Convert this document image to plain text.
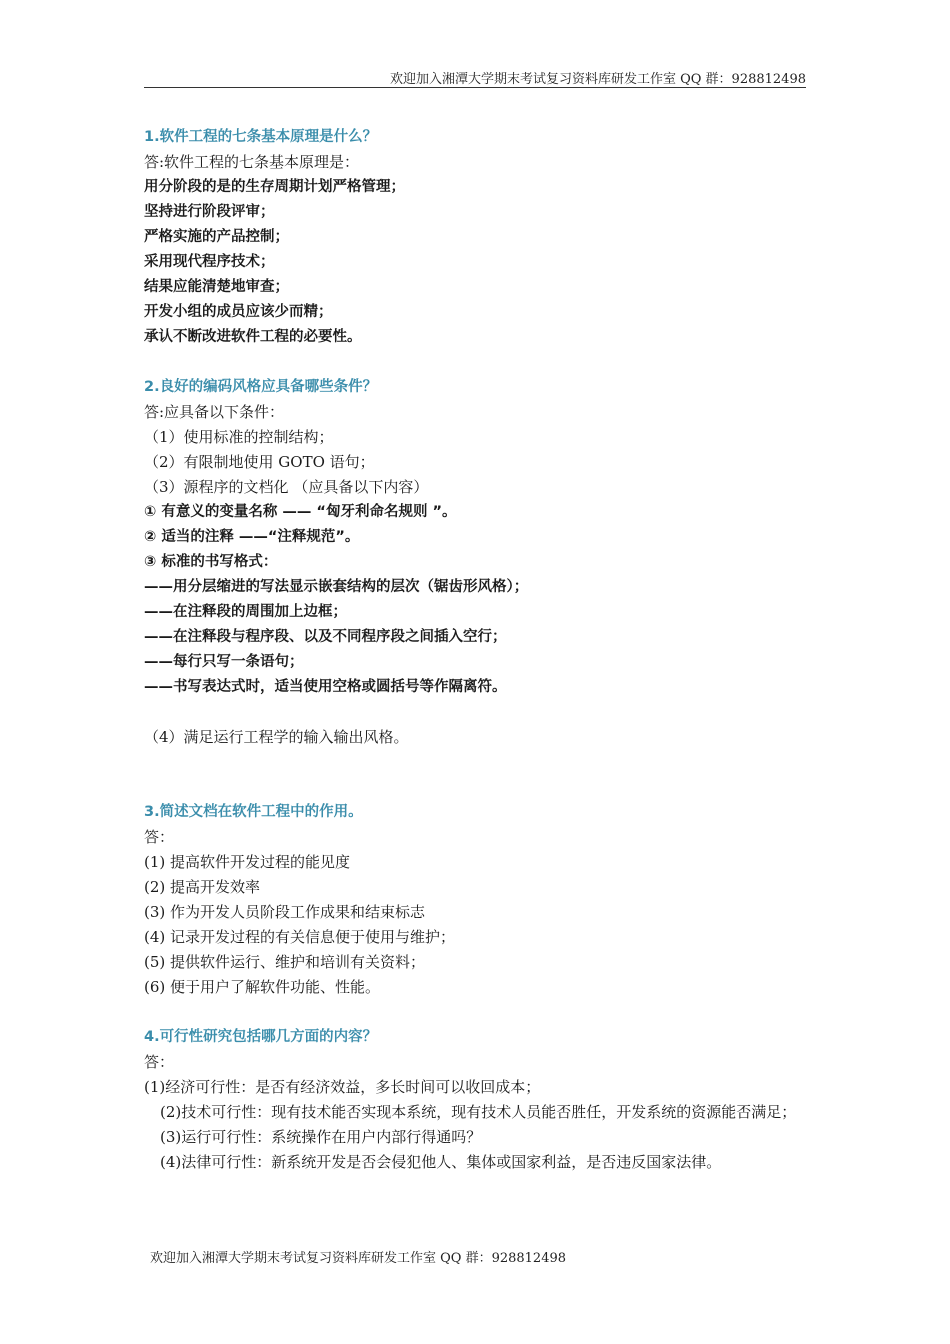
欢迎加入湘潭大学期末考试复习资料库研发工作室 QQ 群：928812498
1.软件工程的七条基本原理是什么？
答:软件工程的七条基本原理是：
用分阶段的是的生存周期计划严格管理；
坚持进行阶段评审；
严格实施的产品控制；
采用现代程序技术；
结果应能清楚地审查；
开发小组的成员应该少而精；
承认不断改进软件工程的必要性。
2.良好的编码风格应具备哪些条件？
答:应具备以下条件：
（1）使用标准的控制结构；
（2）有限制地使用 GOTO 语句；
（3）源程序的文档化 （应具备以下内容）
① 有意义的变量名称 —— “匈牙利命名规则 ”。
② 适当的注释 ——“注释规范”。
③ 标准的书写格式：
——用分层缩进的写法显示嵌套结构的层次（锯齿形风格）；
——在注释段的周围加上边框；
——在注释段与程序段、以及不同程序段之间插入空行；
——每行只写一条语句；
——书写表达式时，适当使用空格或圆括号等作隔离符。
（4）满足运行工程学的输入输出风格。
3.简述文档在软件工程中的作用。
答：
(1) 提高软件开发过程的能见度
(2) 提高开发效率
(3) 作为开发人员阶段工作成果和结束标志
(4) 记录开发过程的有关信息便于使用与维护；
(5) 提供软件运行、维护和培训有关资料；
(6) 便于用户了解软件功能、性能。
4.可行性研究包括哪几方面的内容？
答：
(1)经济可行性：是否有经济效益，多长时间可以收回成本；
(2)技术可行性：现有技术能否实现本系统，现有技术人员能否胜任，开发系统的资源能否满足；
(3)运行可行性：系统操作在用户内部行得通吗？
(4)法律可行性：新系统开发是否会侵犯他人、集体或国家利益，是否违反国家法律。
欢迎加入湘潭大学期末考试复习资料库研发工作室 QQ 群：928812498
